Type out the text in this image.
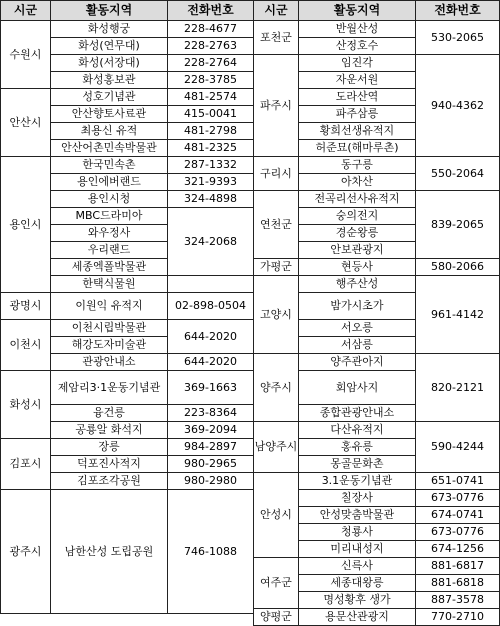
시군	활동지역	전화번호
수원시	화성행궁	228-4677
	화성(연무대)	228-2763
	화성(서장대)	228-2764
	화성홍보관	228-3785
안산시	성호기념관	481-2574
	안산향토사료관	415-0041
	최용신 유적	481-2798
	안산어촌민속박물관	481-2325
용인시	한국민속촌	287-1332
	용인에버랜드	321-9393
	용인시청	324-4898
	MBC드라미아	324-2068
	와우정사	
	우리랜드	
	세종엑폴박물관	
	한택식물원	
광명시	이원익 유적지	02-898-0504
이천시	이천시립박물관	644-2020
	해강도자미술관	
	관광안내소	644-2020
화성시	제암리3·1운동기념관	369-1663
	융건릉	223-8364
	공룡알 화석지	369-2094
김포시	장릉	984-2897
	덕포진사적지	980-2965
	김포조각공원	980-2980
광주시	남한산성 도립공원	746-1088
시군	활동지역	전화번호
포천군	반월산성	530-2065
	산정호수	
파주시	임진각	940-4362
	자운서원	
	도라산역	
	파주삼릉	
	황희선생유적지	
	허준묘(해마루촌)	
구리시	동구릉	550-2064
	아차산	
연천군	전곡리선사유적지	839-2065
	숭의전지	
	경순왕릉	
	안보관광지	
가평군	현등사	580-2066
고양시	행주산성	961-4142
	밤가시초가	
	서오릉	
	서삼릉	
양주시	양주관아지	820-2121
	회암사지	
	종합관광안내소	
남양주시	다산유적지	590-4244
	홍유릉	
	몽골문화촌	
안성시	3.1운동기념관	651-0741
	칠장사	673-0776
	안성맞춤박물관	674-0741
	청룡사	673-0776
	미리내성지	674-1256
여주군	신륵사	881-6817
	세종대왕릉	881-6818
	명성황후 생가	887-3578
양평군	용문산관광지	770-2710
